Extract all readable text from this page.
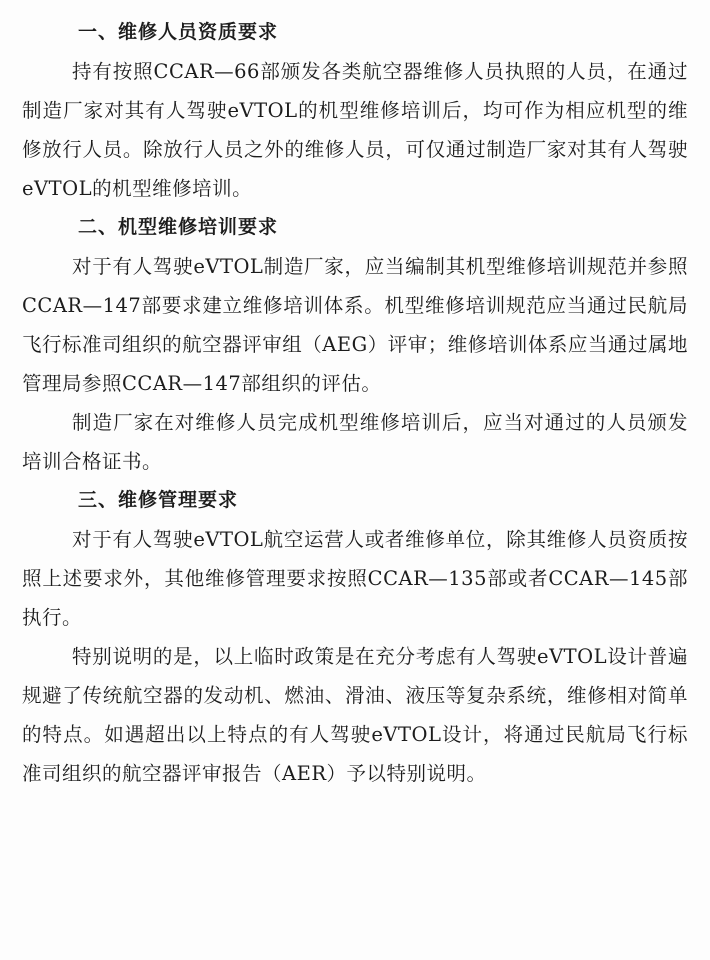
一、维修人员资质要求

持有按照CCAR—66部颁发各类航空器维修人员执照的人员，在通过制造厂家对其有人驾驶eVTOL的机型维修培训后，均可作为相应机型的维修放行人员。除放行人员之外的维修人员，可仅通过制造厂家对其有人驾驶eVTOL的机型维修培训。

二、机型维修培训要求

对于有人驾驶eVTOL制造厂家，应当编制其机型维修培训规范并参照CCAR—147部要求建立维修培训体系。机型维修培训规范应当通过民航局飞行标准司组织的航空器评审组（AEG）评审；维修培训体系应当通过属地管理局参照CCAR—147部组织的评估。

制造厂家在对维修人员完成机型维修培训后，应当对通过的人员颁发培训合格证书。

三、维修管理要求

对于有人驾驶eVTOL航空运营人或者维修单位，除其维修人员资质按照上述要求外，其他维修管理要求按照CCAR—135部或者CCAR—145部执行。

特别说明的是，以上临时政策是在充分考虑有人驾驶eVTOL设计普遍规避了传统航空器的发动机、燃油、滑油、液压等复杂系统，维修相对简单的特点。如遇超出以上特点的有人驾驶eVTOL设计，将通过民航局飞行标准司组织的航空器评审报告（AER）予以特别说明。
